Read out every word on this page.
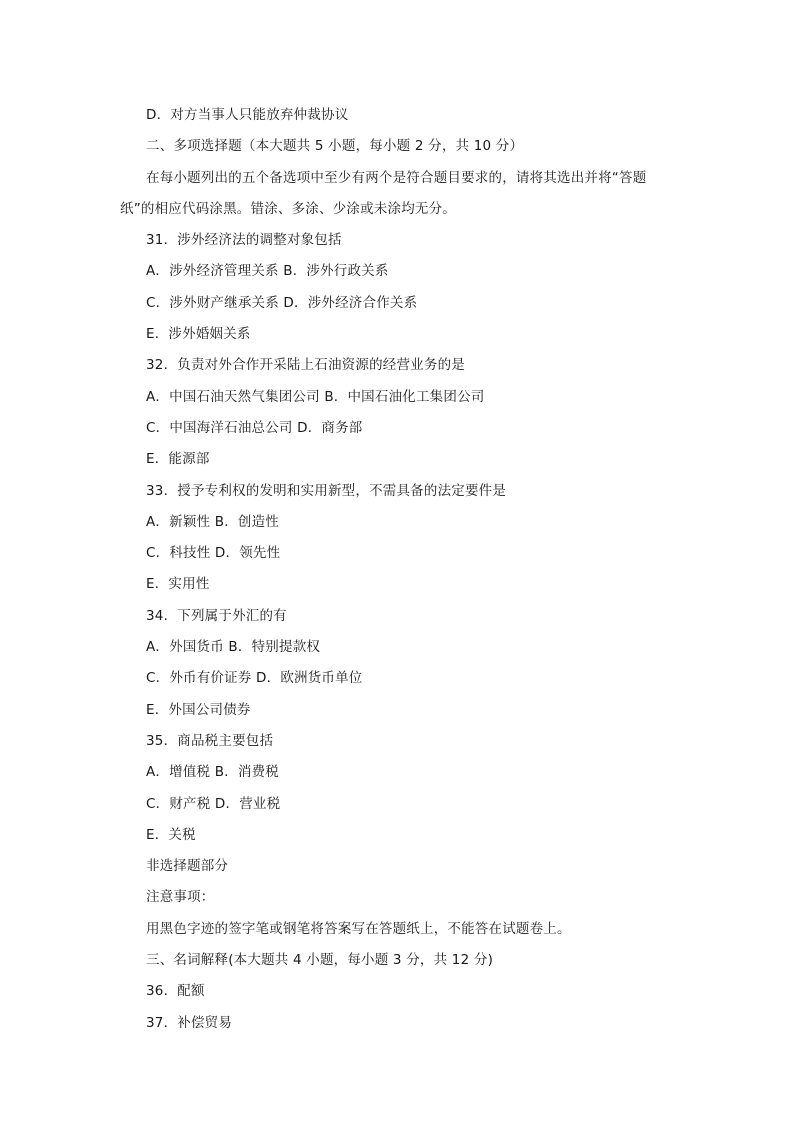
D．对方当事人只能放弃仲裁协议
二、多项选择题（本大题共 5 小题，每小题 2 分，共 10 分）
在每小题列出的五个备选项中至少有两个是符合题目要求的，请将其选出并将“答题
纸”的相应代码涂黑。错涂、多涂、少涂或未涂均无分。
31．涉外经济法的调整对象包括
A．涉外经济管理关系 B．涉外行政关系
C．涉外财产继承关系 D．涉外经济合作关系
E．涉外婚姻关系
32．负责对外合作开采陆上石油资源的经营业务的是
A．中国石油天然气集团公司 B．中国石油化工集团公司
C．中国海洋石油总公司 D．商务部
E．能源部
33．授予专利权的发明和实用新型，不需具备的法定要件是
A．新颖性 B．创造性
C．科技性 D．领先性
E．实用性
34．下列属于外汇的有
A．外国货币 B．特别提款权
C．外币有价证券 D．欧洲货币单位
E．外国公司债券
35．商品税主要包括
A．增值税 B．消费税
C．财产税 D．营业税
E．关税
非选择题部分
注意事项：
用黑色字迹的签字笔或钢笔将答案写在答题纸上，不能答在试题卷上。
三、名词解释(本大题共 4 小题，每小题 3 分，共 12 分)
36．配额
37．补偿贸易
